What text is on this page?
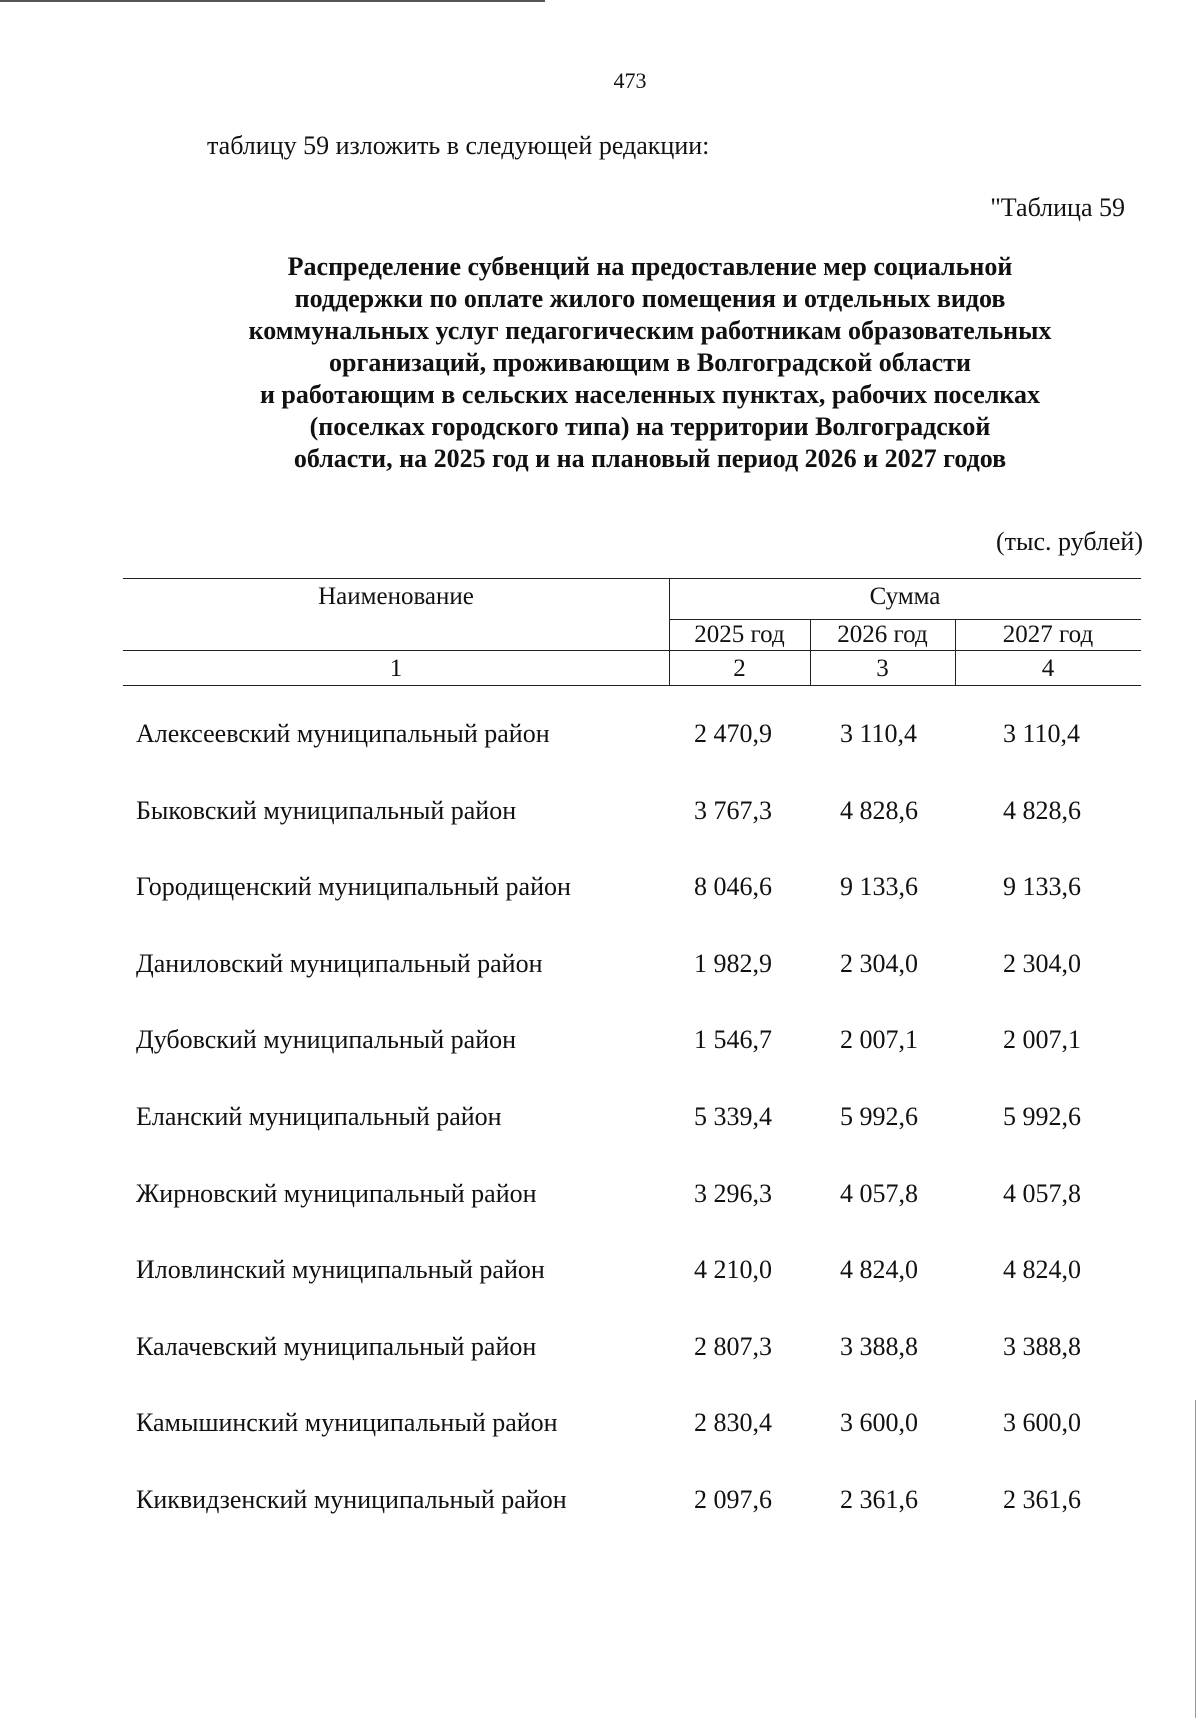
473
таблицу 59 изложить в следующей редакции:
"Таблица 59
Распределение субвенций на предоставление мер социальной
поддержки по оплате жилого помещения и отдельных видов
коммунальных услуг педагогическим работникам образовательных
организаций, проживающим в Волгоградской области
и работающим в сельских населенных пунктах, рабочих поселках
(поселках городского типа) на территории Волгоградской
области, на 2025 год и на плановый период 2026 и 2027 годов
(тыс. рублей)
Наименование	Сумма
2025 год	2026 год	2027 год
1	2	3	4
Алексеевский муниципальный район	2 470,9	3 110,4	3 110,4
Быковский муниципальный район	3 767,3	4 828,6	4 828,6
Городищенский муниципальный район	8 046,6	9 133,6	9 133,6
Даниловский муниципальный район	1 982,9	2 304,0	2 304,0
Дубовский муниципальный район	1 546,7	2 007,1	2 007,1
Еланский муниципальный район	5 339,4	5 992,6	5 992,6
Жирновский муниципальный район	3 296,3	4 057,8	4 057,8
Иловлинский муниципальный район	4 210,0	4 824,0	4 824,0
Калачевский муниципальный район	2 807,3	3 388,8	3 388,8
Камышинский муниципальный район	2 830,4	3 600,0	3 600,0
Киквидзенский муниципальный район	2 097,6	2 361,6	2 361,6
